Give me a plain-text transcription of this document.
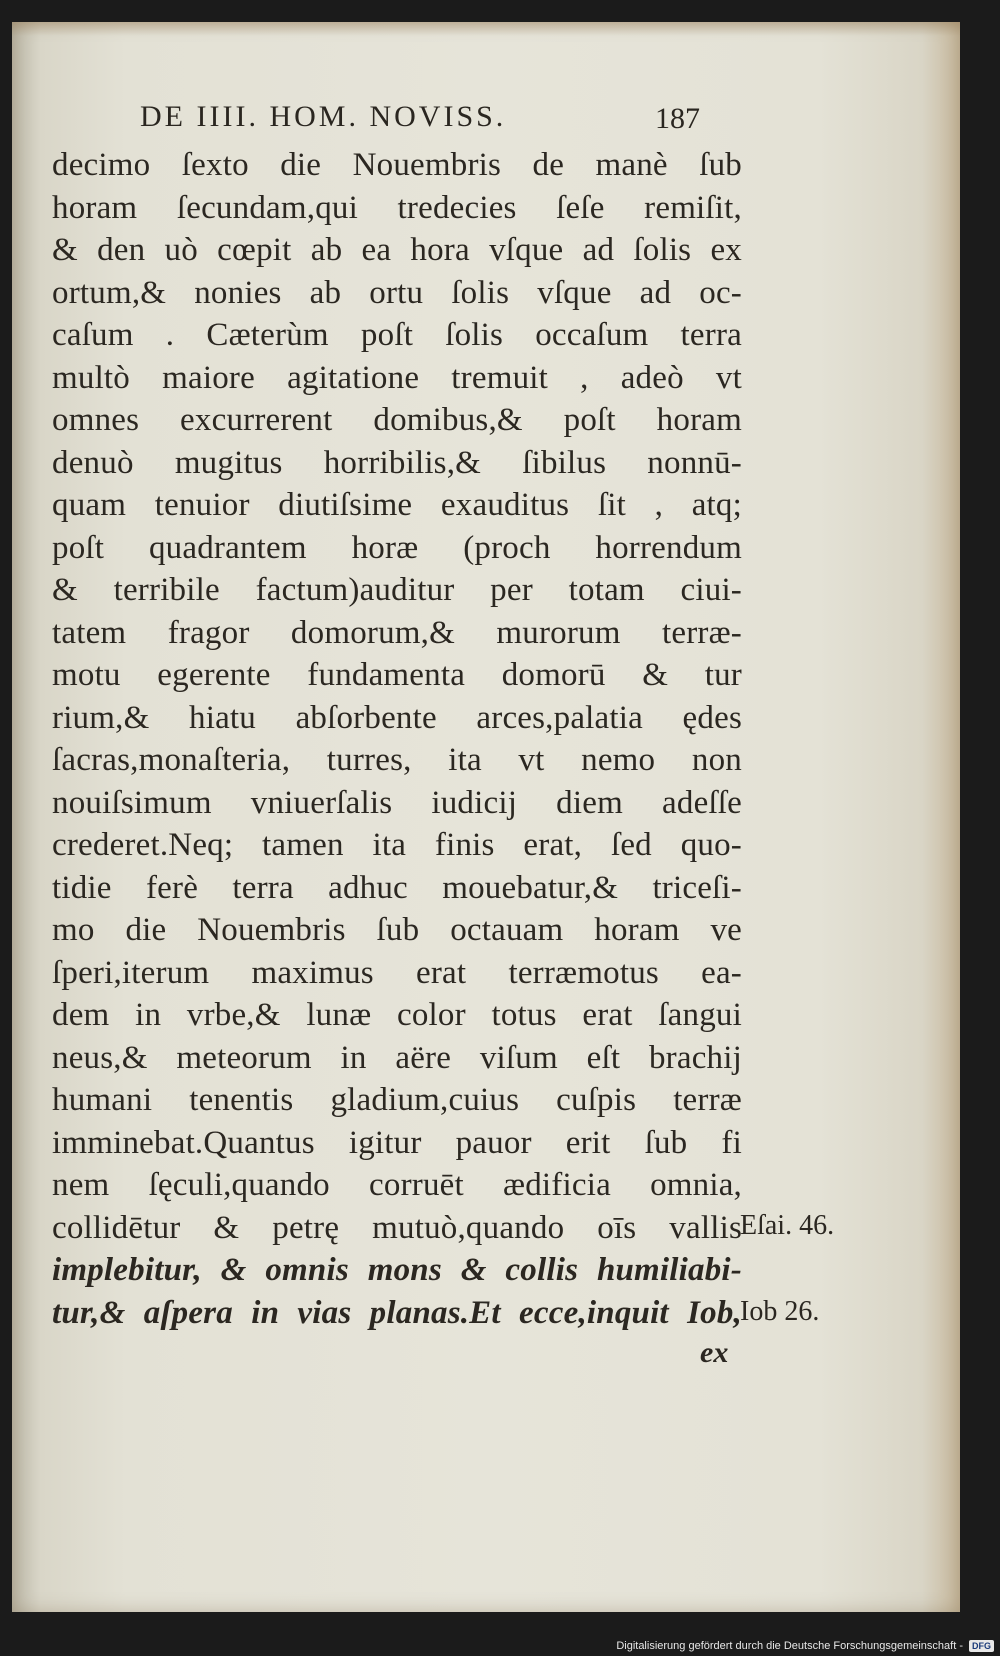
DE IIII. HOM. NOVISS.	187
decimo ſexto die Nouembris de manè ſub
horam ſecundam,qui tredecies ſeſe remiſit,
& den uò cœpit ab ea hora vſque ad ſolis ex
ortum,& nonies ab ortu ſolis vſque ad oc-
caſum . Cæterùm poſt ſolis occaſum terra
multò maiore agitatione tremuit , adeò vt
omnes excurrerent domibus,& poſt horam
denuò mugitus horribilis,& ſibilus nonnū-
quam tenuior diutiſsime exauditus ſit , atq;
poſt quadrantem horæ (proch horrendum
& terribile factum)auditur per totam ciui-
tatem fragor domorum,& murorum terræ-
motu egerente fundamenta domorū & tur
rium,& hiatu abſorbente arces,palatia ędes
ſacras,monaſteria, turres, ita vt nemo non
nouiſsimum vniuerſalis iudicij diem adeſſe
crederet.Neq; tamen ita finis erat, ſed quo-
tidie ferè terra adhuc mouebatur,& triceſi-
mo die Nouembris ſub octauam horam ve
ſperi,iterum maximus erat terræmotus ea-
dem in vrbe,& lunæ color totus erat ſangui
neus,& meteorum in aëre viſum eſt brachij
humani tenentis gladium,cuius cuſpis terræ
imminebat.Quantus igitur pauor erit ſub fi
nem ſęculi,quando corruēt ædificia omnia,
collidētur & petrę mutuò,quando oīs vallis
implebitur, & omnis mons & collis humiliabi-
tur,& aſpera in vias planas.Et ecce,inquit Iob,
ex
Eſai. 46.
Iob 26.
Digitalisierung gefördert durch die Deutsche Forschungsgemeinschaft -	DFG
